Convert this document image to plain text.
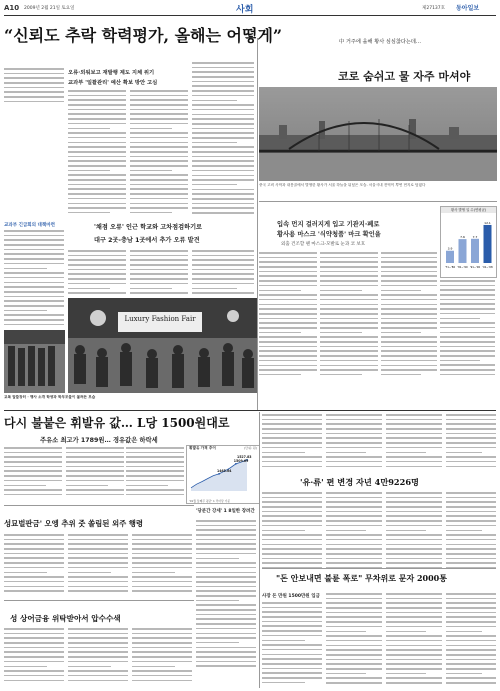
A10 2009년 2월 21일 토요일	사회	제27137호 동아일보
“신뢰도 추락 학력평가, 올해는 어떻게”	中 거주에 을해 황사 심심찮다는데…
코로 숨쉬고 물 자주 마셔야
중국 고비 사막과 내몽골에서 발생한 황사가 서울 하늘을 뒤덮은 모습. 서울시내 전역이 뿌연 먼지로 덮였다
입속 먼지 걸러지게 입고 기관지·폐로
황사용 마스크 '식약청품' 마크 확인을
외출 건조할 땐 마스크-모발로 눈과 코 보호
황사 발생 일 수(연평균)
3.9
'71~'80
7.6
'81~'90
7.7
'91~'00
12.1
'01~'08
오류·외워보고 재발행 제도 지체 위기
교과부 '일괄관리' 예산 확보 방안 고심
교과부 긴급회의 대책마련	'채점 오류' 인근 학교와 고차점검하기로
대구 2곳-충남 1곳에서 추가 오류 발견
Luxury Fashion Fair
교복 알뜰장터 · 행사 소개 학생과 학부모들이 몰려든 모습
다시 불붙은 휘발유 값… L당 1500원대로
주유소 최고가 1789원… 경유값은 하락세
휘발유 가격 추이	(단위: 원)
1527.83
1509.69
1465.64
'01월 둘째주 평균' 1 리터당 기준
'당분간 강세' 1 8일한 장려간
성묘벌판금' 오엥 추위 줏 쏠림된 외주 행령
성 상어금융 위탁받아서 압수수색
'유·류' 편 변경 자년 4만9226명
"돈 안보내면 불륜 폭로" 무차위로 문자 2000통
사장 돈 만원 1500만원 입금
